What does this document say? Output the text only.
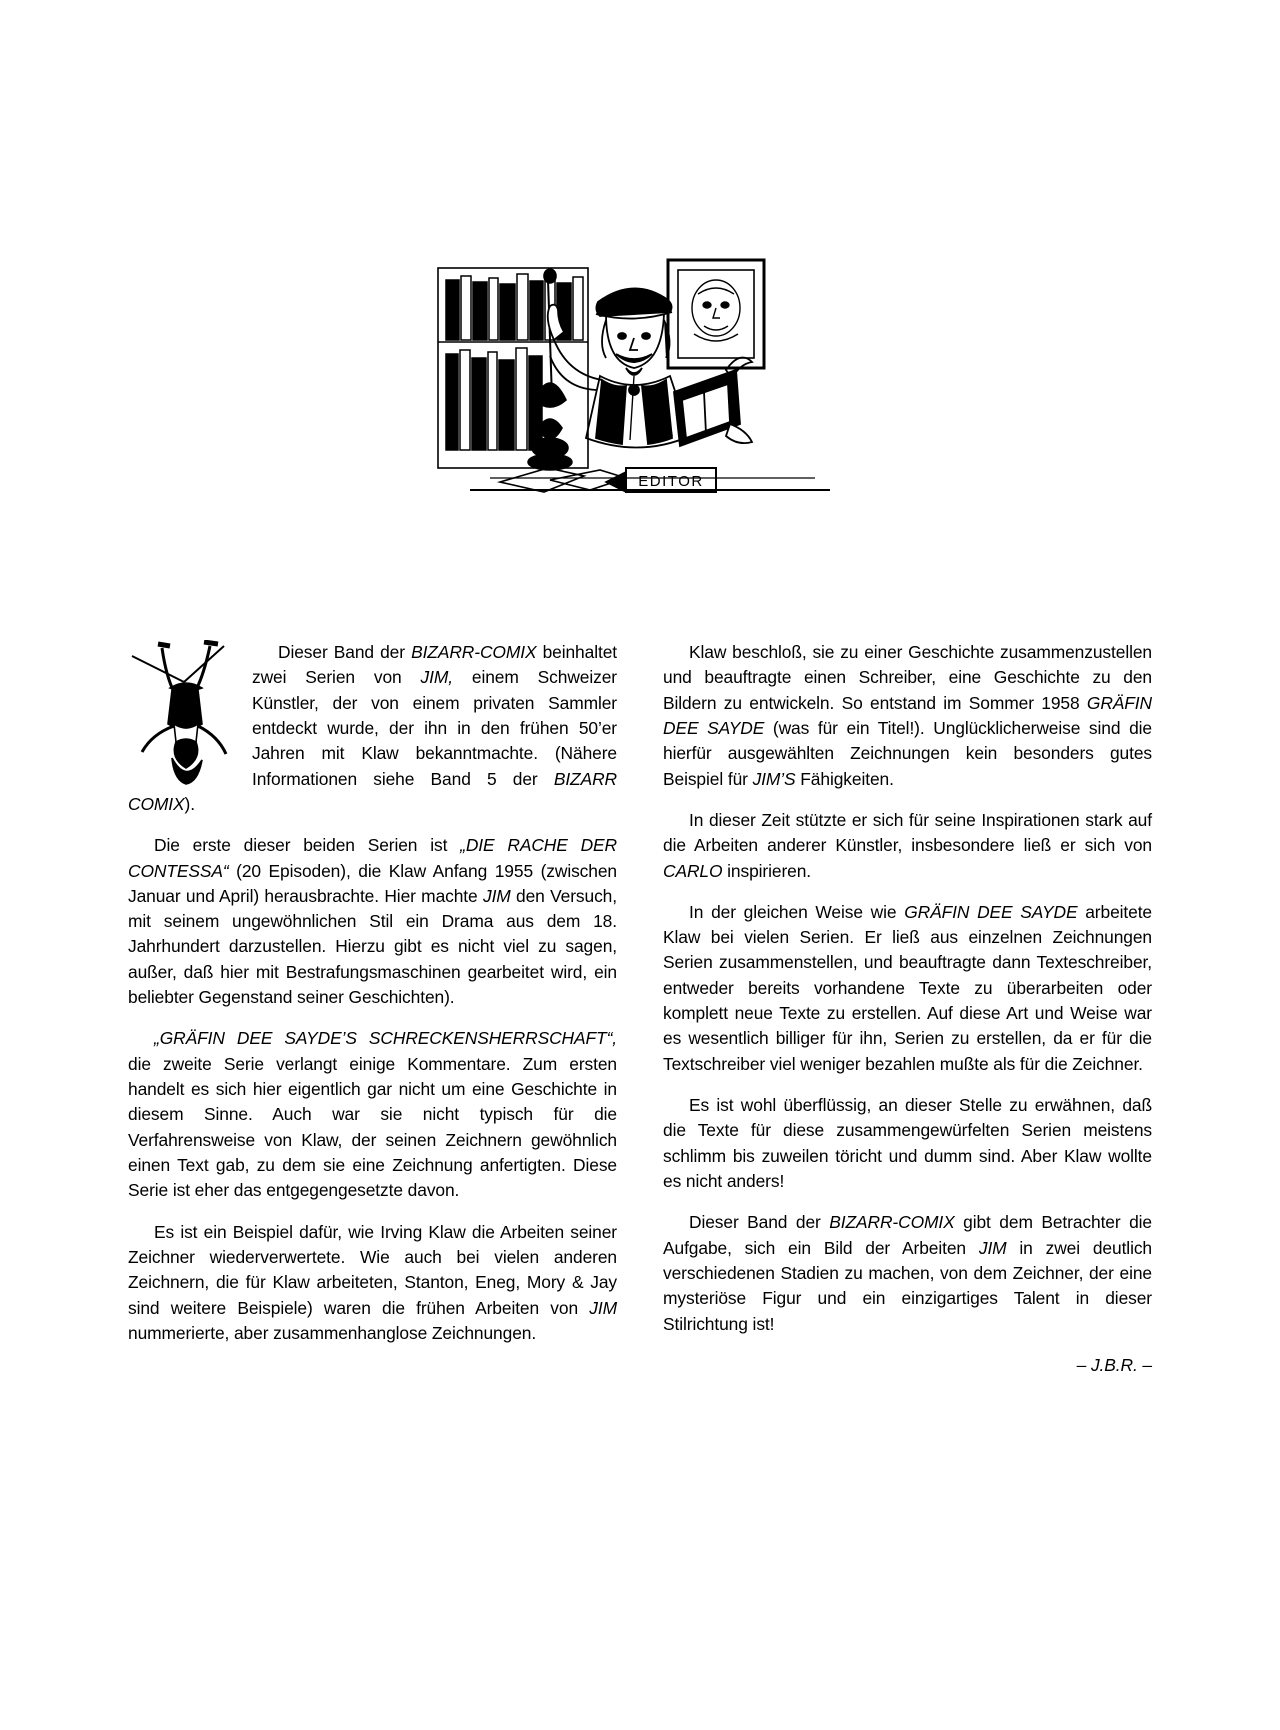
EDITOR

Dieser Band der BIZARR-COMIX beinhaltet zwei Serien von JIM, einem Schweizer Künstler, der von einem privaten Sammler entdeckt wurde, der ihn in den frühen 50’er Jahren mit Klaw bekanntmachte. (Nähere Informationen siehe Band 5 der BIZARR COMIX).

Die erste dieser beiden Serien ist „DIE RACHE DER CONTESSA“ (20 Episoden), die Klaw Anfang 1955 (zwischen Januar und April) herausbrachte. Hier machte JIM den Versuch, mit seinem ungewöhnlichen Stil ein Drama aus dem 18. Jahrhundert darzustellen. Hierzu gibt es nicht viel zu sagen, außer, daß hier mit Bestrafungsmaschinen gearbeitet wird, ein beliebter Gegenstand seiner Geschichten).

„GRÄFIN DEE SAYDE’S SCHRECKENSHERRSCHAFT“, die zweite Serie verlangt einige Kommentare. Zum ersten handelt es sich hier eigentlich gar nicht um eine Geschichte in diesem Sinne. Auch war sie nicht typisch für die Verfahrensweise von Klaw, der seinen Zeichnern gewöhnlich einen Text gab, zu dem sie eine Zeichnung anfertigten. Diese Serie ist eher das entgegengesetzte davon.

Es ist ein Beispiel dafür, wie Irving Klaw die Arbeiten seiner Zeichner wiederverwertete. Wie auch bei vielen anderen Zeichnern, die für Klaw arbeiteten, Stanton, Eneg, Mory & Jay sind weitere Beispiele) waren die frühen Arbeiten von JIM nummerierte, aber zusammenhanglose Zeichnungen.

Klaw beschloß, sie zu einer Geschichte zusammenzustellen und beauftragte einen Schreiber, eine Geschichte zu den Bildern zu entwickeln. So entstand im Sommer 1958 GRÄFIN DEE SAYDE (was für ein Titel!). Unglücklicherweise sind die hierfür ausgewählten Zeichnungen kein besonders gutes Beispiel für JIM’S Fähigkeiten.

In dieser Zeit stützte er sich für seine Inspirationen stark auf die Arbeiten anderer Künstler, insbesondere ließ er sich von CARLO inspirieren.

In der gleichen Weise wie GRÄFIN DEE SAYDE arbeitete Klaw bei vielen Serien. Er ließ aus einzelnen Zeichnungen Serien zusammenstellen, und beauftragte dann Texteschreiber, entweder bereits vorhandene Texte zu überarbeiten oder komplett neue Texte zu erstellen. Auf diese Art und Weise war es wesentlich billiger für ihn, Serien zu erstellen, da er für die Textschreiber viel weniger bezahlen mußte als für die Zeichner.

Es ist wohl überflüssig, an dieser Stelle zu erwähnen, daß die Texte für diese zusammengewürfelten Serien meistens schlimm bis zuweilen töricht und dumm sind. Aber Klaw wollte es nicht anders!

Dieser Band der BIZARR-COMIX gibt dem Betrachter die Aufgabe, sich ein Bild der Arbeiten JIM in zwei deutlich verschiedenen Stadien zu machen, von dem Zeichner, der eine mysteriöse Figur und ein einzigartiges Talent in dieser Stilrichtung ist!

– J.B.R. –
